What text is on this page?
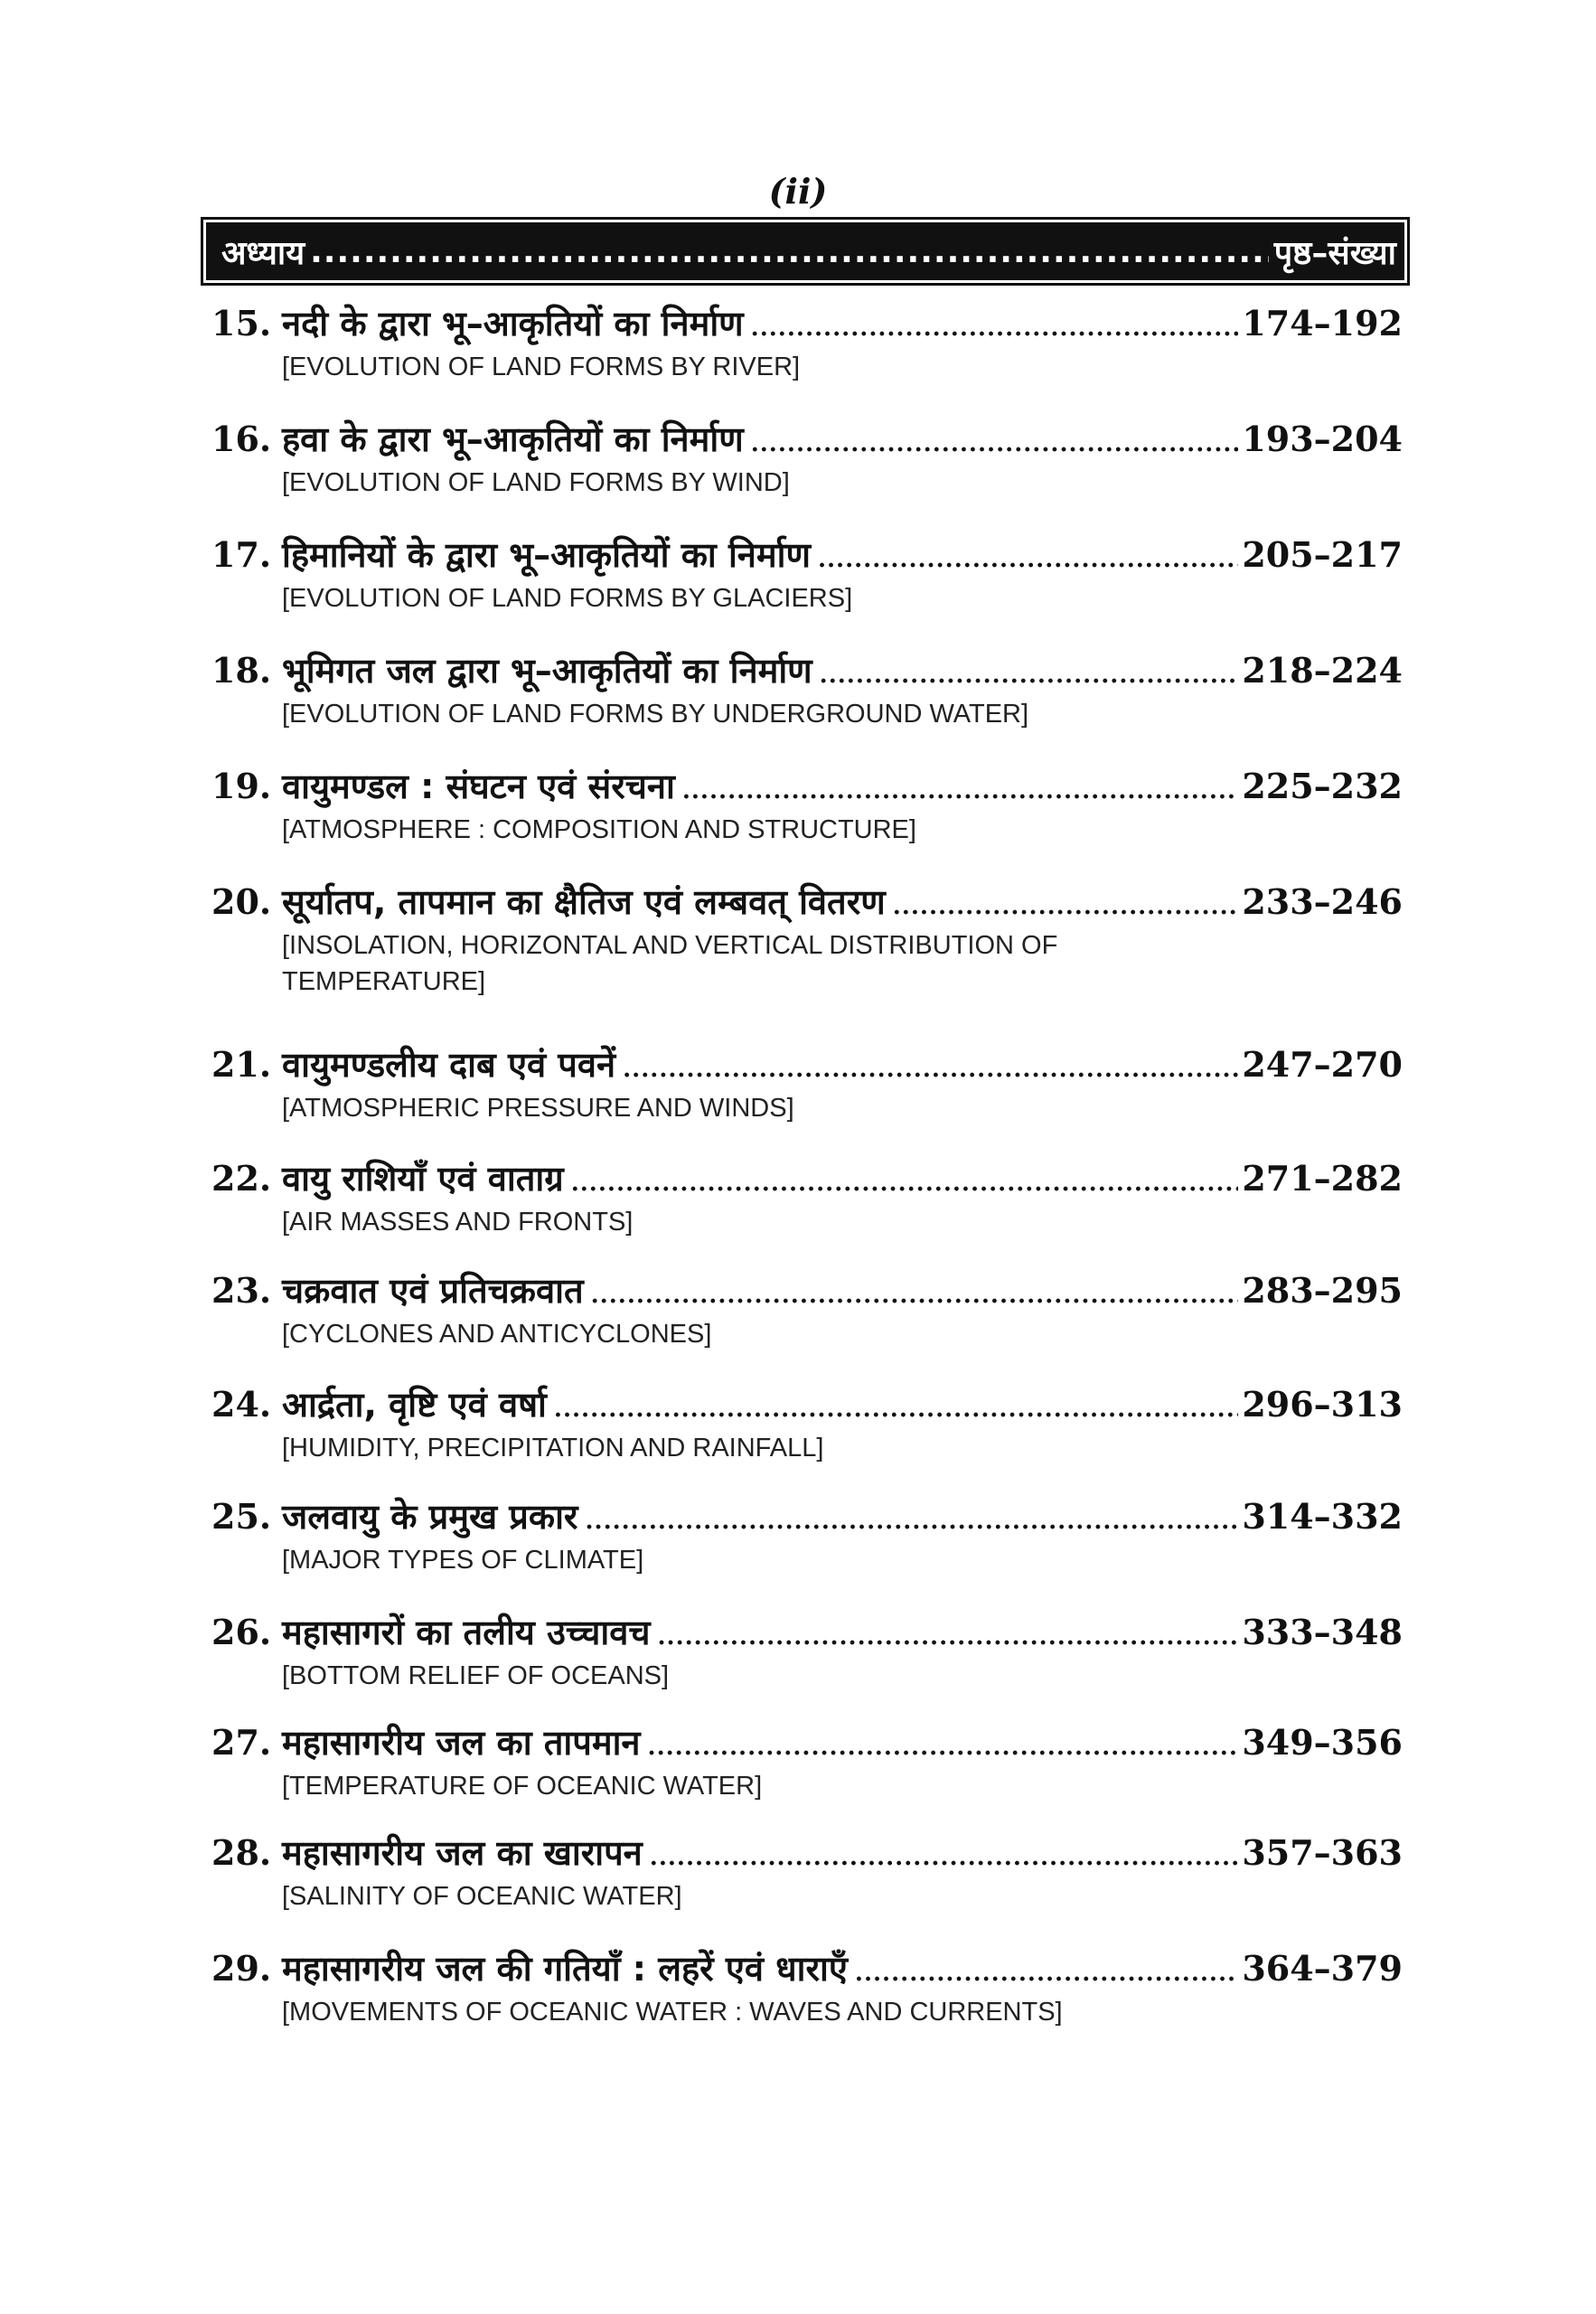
(ii)
अध्याय .....	पृष्ठ–संख्या
15. नदी के द्वारा भू–आकृतियों का निर्माण .....	174–192
[EVOLUTION OF LAND FORMS BY RIVER]
16. हवा के द्वारा भू–आकृतियों का निर्माण .....	193–204
[EVOLUTION OF LAND FORMS BY WIND]
17. हिमानियों के द्वारा भू–आकृतियों का निर्माण .....	205–217
[EVOLUTION OF LAND FORMS BY GLACIERS]
18. भूमिगत जल द्वारा भू–आकृतियों का निर्माण .....	218–224
[EVOLUTION OF LAND FORMS BY UNDERGROUND WATER]
19. वायुमण्डल : संघटन एवं संरचना .....	225–232
[ATMOSPHERE : COMPOSITION AND STRUCTURE]
20. सूर्यातप, तापमान का क्षैतिज एवं लम्बवत् वितरण .....	233–246
[INSOLATION, HORIZONTAL AND VERTICAL DISTRIBUTION OF TEMPERATURE]
21. वायुमण्डलीय दाब एवं पवनें .....	247–270
[ATMOSPHERIC PRESSURE AND WINDS]
22. वायु राशियाँ एवं वाताग्र .....	271–282
[AIR MASSES AND FRONTS]
23. चक्रवात एवं प्रतिचक्रवात .....	283–295
[CYCLONES AND ANTICYCLONES]
24. आर्द्रता, वृष्टि एवं वर्षा .....	296–313
[HUMIDITY, PRECIPITATION AND RAINFALL]
25. जलवायु के प्रमुख प्रकार .....	314–332
[MAJOR TYPES OF CLIMATE]
26. महासागरों का तलीय उच्चावच .....	333–348
[BOTTOM RELIEF OF OCEANS]
27. महासागरीय जल का तापमान .....	349–356
[TEMPERATURE OF OCEANIC WATER]
28. महासागरीय जल का खारापन .....	357–363
[SALINITY OF OCEANIC WATER]
29. महासागरीय जल की गतियाँ : लहरें एवं धाराएँ .....	364–379
[MOVEMENTS OF OCEANIC WATER : WAVES AND CURRENTS]
